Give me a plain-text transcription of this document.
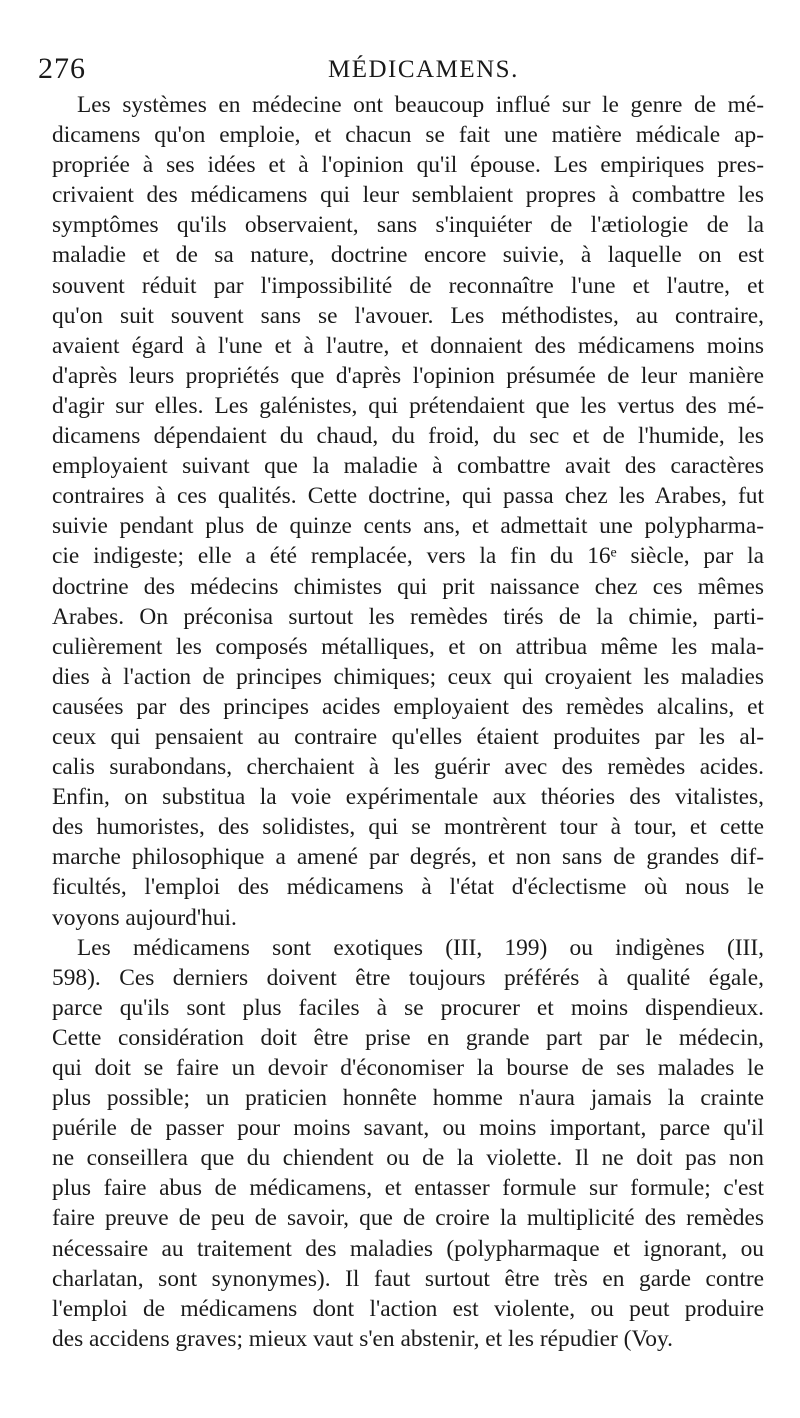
276	MÉDICAMENS.
Les systèmes en médecine ont beaucoup influé sur le genre de mé-
dicamens qu'on emploie, et chacun se fait une matière médicale ap-
propriée à ses idées et à l'opinion qu'il épouse. Les empiriques pres-
crivaient des médicamens qui leur semblaient propres à combattre les
symptômes qu'ils observaient, sans s'inquiéter de l'ætiologie de la
maladie et de sa nature, doctrine encore suivie, à laquelle on est
souvent réduit par l'impossibilité de reconnaître l'une et l'autre, et
qu'on suit souvent sans se l'avouer. Les méthodistes, au contraire,
avaient égard à l'une et à l'autre, et donnaient des médicamens moins
d'après leurs propriétés que d'après l'opinion présumée de leur manière
d'agir sur elles. Les galénistes, qui prétendaient que les vertus des mé-
dicamens dépendaient du chaud, du froid, du sec et de l'humide, les
employaient suivant que la maladie à combattre avait des caractères
contraires à ces qualités. Cette doctrine, qui passa chez les Arabes, fut
suivie pendant plus de quinze cents ans, et admettait une polypharma-
cie indigeste; elle a été remplacée, vers la fin du 16ᵉ siècle, par la
doctrine des médecins chimistes qui prit naissance chez ces mêmes
Arabes. On préconisa surtout les remèdes tirés de la chimie, parti-
culièrement les composés métalliques, et on attribua même les mala-
dies à l'action de principes chimiques; ceux qui croyaient les maladies
causées par des principes acides employaient des remèdes alcalins, et
ceux qui pensaient au contraire qu'elles étaient produites par les al-
calis surabondans, cherchaient à les guérir avec des remèdes acides.
Enfin, on substitua la voie expérimentale aux théories des vitalistes,
des humoristes, des solidistes, qui se montrèrent tour à tour, et cette
marche philosophique a amené par degrés, et non sans de grandes dif-
ficultés, l'emploi des médicamens à l'état d'éclectisme où nous le
voyons aujourd'hui.
Les médicamens sont exotiques (III, 199) ou indigènes (III,
598). Ces derniers doivent être toujours préférés à qualité égale,
parce qu'ils sont plus faciles à se procurer et moins dispendieux.
Cette considération doit être prise en grande part par le médecin,
qui doit se faire un devoir d'économiser la bourse de ses malades le
plus possible; un praticien honnête homme n'aura jamais la crainte
puérile de passer pour moins savant, ou moins important, parce qu'il
ne conseillera que du chiendent ou de la violette. Il ne doit pas non
plus faire abus de médicamens, et entasser formule sur formule; c'est
faire preuve de peu de savoir, que de croire la multiplicité des remèdes
nécessaire au traitement des maladies (polypharmaque et ignorant, ou
charlatan, sont synonymes). Il faut surtout être très en garde contre
l'emploi de médicamens dont l'action est violente, ou peut produire
des accidens graves; mieux vaut s'en abstenir, et les répudier (Voy.
